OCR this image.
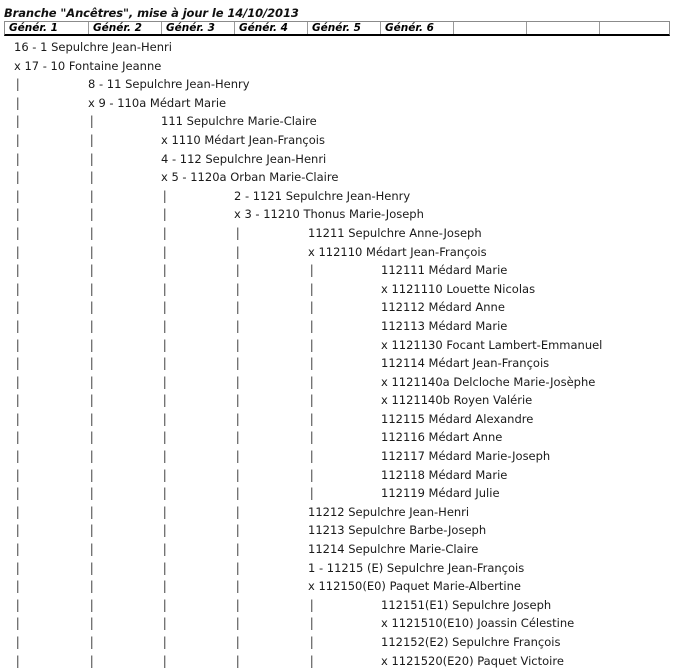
Branche "Ancêtres", mise à jour le 14/10/2013
Génér. 1	Génér. 2	Génér. 3	Génér. 4	Génér. 5	Génér. 6
16 - 1 Sepulchre Jean-Henri
x 17 - 10 Fontaine Jeanne
|	8 - 11 Sepulchre Jean-Henry
|	x 9 - 110a Médart Marie
|	|	111 Sepulchre Marie-Claire
|	|	x 1110 Médart Jean-François
|	|	4 - 112 Sepulchre Jean-Henri
|	|	x 5 - 1120a Orban Marie-Claire
|	|	|	2 - 1121 Sepulchre Jean-Henry
|	|	|	x 3 - 11210 Thonus Marie-Joseph
|	|	|	|	11211 Sepulchre Anne-Joseph
|	|	|	|	x 112110 Médart Jean-François
|	|	|	|	|	112111 Médard Marie
|	|	|	|	|	x 1121110 Louette Nicolas
|	|	|	|	|	112112 Médard Anne
|	|	|	|	|	112113 Médard Marie
|	|	|	|	|	x 1121130 Focant Lambert-Emmanuel
|	|	|	|	|	112114 Médart Jean-François
|	|	|	|	|	x 1121140a Delcloche Marie-Josèphe
|	|	|	|	|	x 1121140b Royen Valérie
|	|	|	|	|	112115 Médard Alexandre
|	|	|	|	|	112116 Médart Anne
|	|	|	|	|	112117 Médard Marie-Joseph
|	|	|	|	|	112118 Médard Marie
|	|	|	|	|	112119 Médard Julie
|	|	|	|	11212 Sepulchre Jean-Henri
|	|	|	|	11213 Sepulchre Barbe-Joseph
|	|	|	|	11214 Sepulchre Marie-Claire
|	|	|	|	1 - 11215 (E) Sepulchre Jean-François
|	|	|	|	x 112150(E0) Paquet Marie-Albertine
|	|	|	|	|	112151(E1) Sepulchre Joseph
|	|	|	|	|	x 1121510(E10) Joassin Célestine
|	|	|	|	|	112152(E2) Sepulchre François
|	|	|	|	|	x 1121520(E20) Paquet Victoire
